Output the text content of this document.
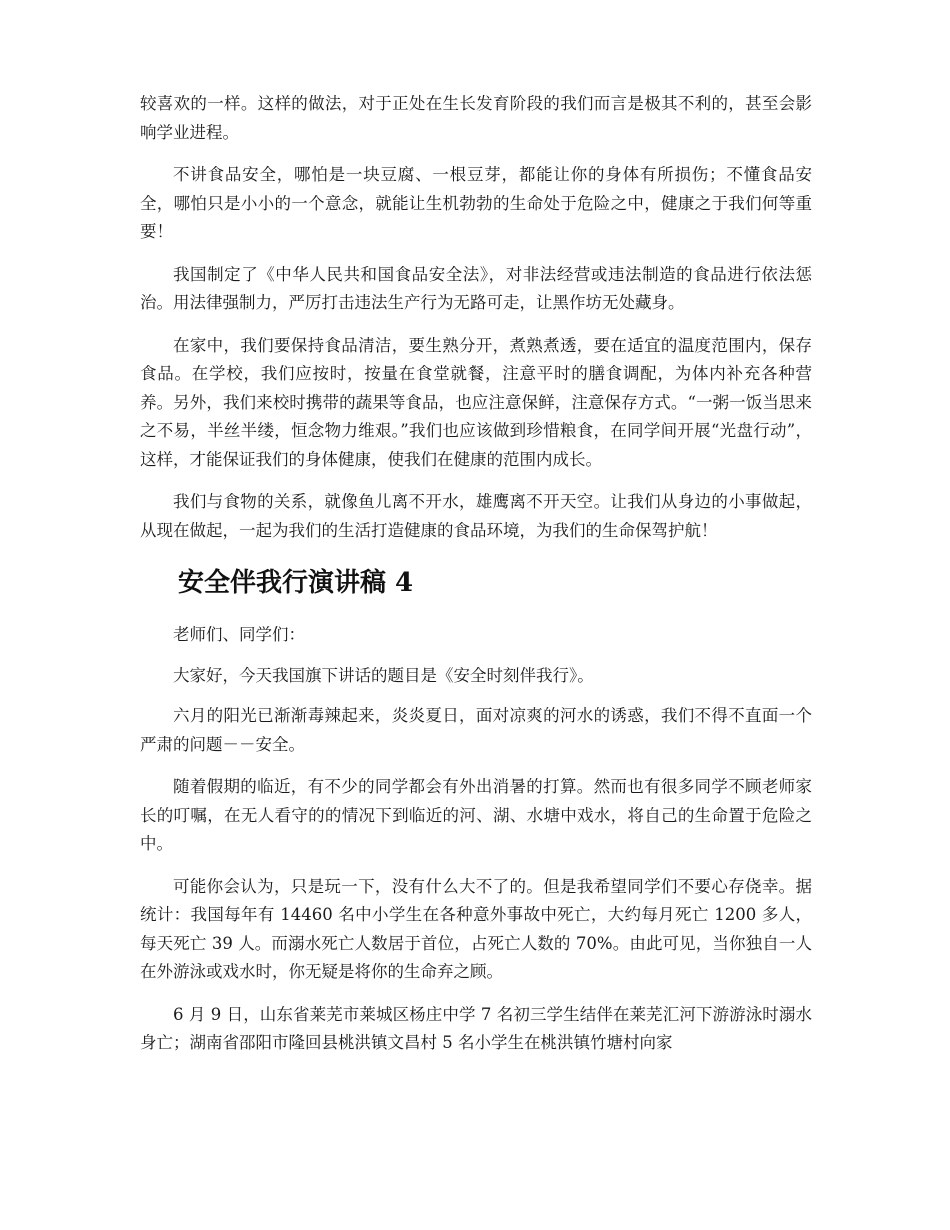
较喜欢的一样。这样的做法，对于正处在生长发育阶段的我们而言是极其不利的，甚至会影响学业进程。

不讲食品安全，哪怕是一块豆腐、一根豆芽，都能让你的身体有所损伤；不懂食品安全，哪怕只是小小的一个意念，就能让生机勃勃的生命处于危险之中，健康之于我们何等重要！

我国制定了《中华人民共和国食品安全法》，对非法经营或违法制造的食品进行依法惩治。用法律强制力，严厉打击违法生产行为无路可走，让黑作坊无处藏身。

在家中，我们要保持食品清洁，要生熟分开，煮熟煮透，要在适宜的温度范围内，保存食品。在学校，我们应按时，按量在食堂就餐，注意平时的膳食调配，为体内补充各种营养。另外，我们来校时携带的蔬果等食品，也应注意保鲜，注意保存方式。“一粥一饭当思来之不易，半丝半缕，恒念物力维艰。”我们也应该做到珍惜粮食，在同学间开展“光盘行动”，这样，才能保证我们的身体健康，使我们在健康的范围内成长。

我们与食物的关系，就像鱼儿离不开水，雄鹰离不开天空。让我们从身边的小事做起，从现在做起，一起为我们的生活打造健康的食品环境，为我们的生命保驾护航！

安全伴我行演讲稿 4

老师们、同学们：

大家好，今天我国旗下讲话的题目是《安全时刻伴我行》。

六月的阳光已渐渐毒辣起来，炎炎夏日，面对凉爽的河水的诱惑，我们不得不直面一个严肃的问题－－安全。

随着假期的临近，有不少的同学都会有外出消暑的打算。然而也有很多同学不顾老师家长的叮嘱，在无人看守的的情况下到临近的河、湖、水塘中戏水，将自己的生命置于危险之中。

可能你会认为，只是玩一下，没有什么大不了的。但是我希望同学们不要心存侥幸。据统计：我国每年有 14460 名中小学生在各种意外事故中死亡，大约每月死亡 1200 多人，每天死亡 39 人。而溺水死亡人数居于首位，占死亡人数的 70%。由此可见，当你独自一人在外游泳或戏水时，你无疑是将你的生命弃之顾。

6 月 9 日，山东省莱芜市莱城区杨庄中学 7 名初三学生结伴在莱芜汇河下游游泳时溺水身亡；湖南省邵阳市隆回县桃洪镇文昌村 5 名小学生在桃洪镇竹塘村向家
